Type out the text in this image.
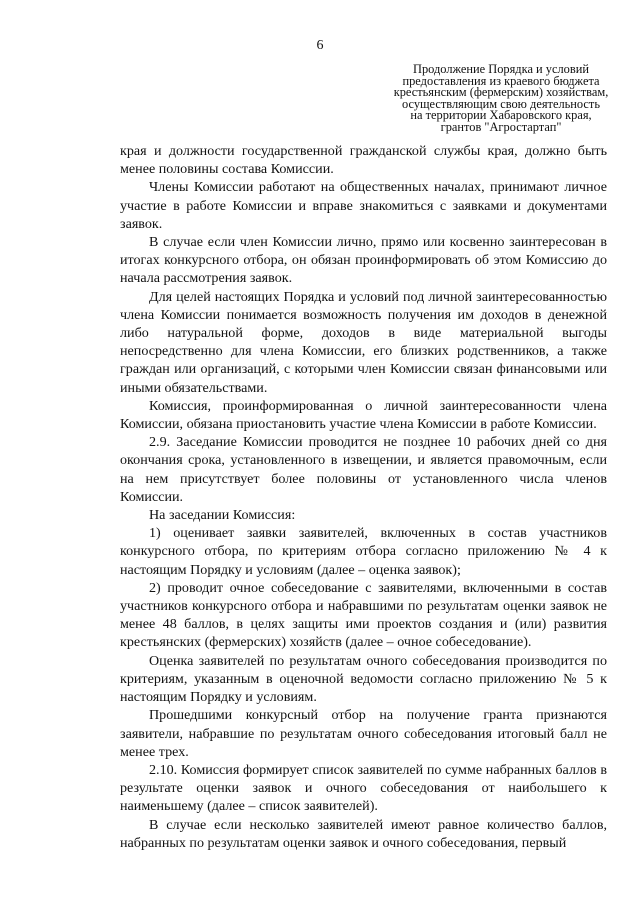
6
Продолжение Порядка и условий
предоставления из краевого бюджета
крестьянским (фермерским) хозяйствам,
осуществляющим свою деятельность
на территории Хабаровского края,
грантов "Агростартап"

края и должности государственной гражданской службы края, должно быть менее половины состава Комиссии.

Члены Комиссии работают на общественных началах, принимают личное участие в работе Комиссии и вправе знакомиться с заявками и документами заявок.

В случае если член Комиссии лично, прямо или косвенно заинтересован в итогах конкурсного отбора, он обязан проинформировать об этом Комиссию до начала рассмотрения заявок.

Для целей настоящих Порядка и условий под личной заинтересованностью члена Комиссии понимается возможность получения им доходов в денежной либо натуральной форме, доходов в виде материальной выгоды непосредственно для члена Комиссии, его близких родственников, а также граждан или организаций, с которыми член Комиссии связан финансовыми или иными обязательствами.

Комиссия, проинформированная о личной заинтересованности члена Комиссии, обязана приостановить участие члена Комиссии в работе Комиссии.

2.9. Заседание Комиссии проводится не позднее 10 рабочих дней со дня окончания срока, установленного в извещении, и является правомочным, если на нем присутствует более половины от установленного числа членов Комиссии.

На заседании Комиссия:

1) оценивает заявки заявителей, включенных в состав участников конкурсного отбора, по критериям отбора согласно приложению № 4 к настоящим Порядку и условиям (далее – оценка заявок);

2) проводит очное собеседование с заявителями, включенными в состав участников конкурсного отбора и набравшими по результатам оценки заявок не менее 48 баллов, в целях защиты ими проектов создания и (или) развития крестьянских (фермерских) хозяйств (далее – очное собеседование).

Оценка заявителей по результатам очного собеседования производится по критериям, указанным в оценочной ведомости согласно приложению № 5 к настоящим Порядку и условиям.

Прошедшими конкурсный отбор на получение гранта признаются заявители, набравшие по результатам очного собеседования итоговый балл не менее трех.

2.10. Комиссия формирует список заявителей по сумме набранных баллов в результате оценки заявок и очного собеседования от наибольшего к наименьшему (далее – список заявителей).

В случае если несколько заявителей имеют равное количество баллов, набранных по результатам оценки заявок и очного собеседования, первый
